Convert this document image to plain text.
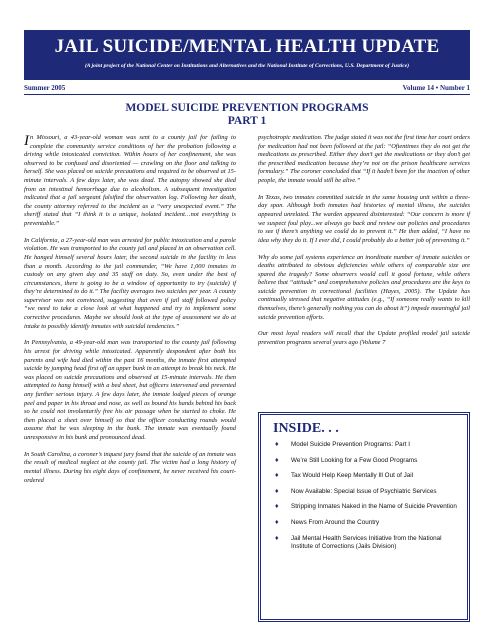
JAIL SUICIDE/MENTAL HEALTH UPDATE
(A joint project of the National Center on Institutions and Alternatives and the National Institute of Corrections, U.S. Department of Justice)
Summer 2005	Volume 14 • Number 1
MODEL SUICIDE PREVENTION PROGRAMS
PART 1

In Missouri, a 43-year-old woman was sent to a county jail for failing to complete the community service conditions of her the probation following a driving while intoxicated conviction. Within hours of her confinement, she was observed to be confused and disoriented — crawling on the floor and talking to herself. She was placed on suicide precautions and required to be observed at 15-minute intervals. A few days later, she was dead. The autopsy showed she died from an intestinal hemorrhage due to alcoholism. A subsequent investigation indicated that a jail sergeant falsified the observation log. Following her death, the county attorney referred to the incident as a “very unexpected event.” The sheriff stated that “I think it is a unique, isolated incident…not everything is preventable.”

In California, a 27-year-old man was arrested for public intoxication and a parole violation. He was transported to the county jail and placed in an observation cell. He hanged himself several hours later, the second suicide in the facility in less than a month. According to the jail commander, “We have 1,000 inmates in custody on any given day and 35 staff on duty. So, even under the best of circumstances, there is going to be a window of opportunity to try (suicide) if they’re determined to do it.” The facility averages two suicides per year. A county supervisor was not convinced, suggesting that even if jail staff followed policy “we need to take a close look at what happened and try to implement some corrective procedures. Maybe we should look at the type of assessment we do at intake to possibly identify inmates with suicidal tendencies.”

In Pennsylvania, a 49-year-old man was transported to the county jail following his arrest for driving while intoxicated. Apparently despondent after both his parents and wife had died within the past 16 months, the inmate first attempted suicide by jumping head first off an upper bunk in an attempt to break his neck. He was placed on suicide precautions and observed at 15-minute intervals. He then attempted to hang himself with a bed sheet, but officers intervened and prevented any further serious injury. A few days later, the inmate lodged pieces of orange peel and paper in his throat and nose, as well as bound his hands behind his back so he could not involuntarily free his air passage when he started to choke. He then placed a sheet over himself so that the officer conducting rounds would assume that he was sleeping in the bunk. The inmate was eventually found unresponsive in his bunk and pronounced dead.

In South Carolina, a coroner’s inquest jury found that the suicide of an inmate was the result of medical neglect at the county jail. The victim had a long history of mental illness. During his eight days of confinement, he never received his court-ordered

psychotropic medication. The judge stated it was not the first time her court orders for medication had not been followed at the jail: “Oftentimes they do not get the medications as prescribed. Either they don’t get the medications or they don’t get the prescribed medication because they’re not on the prison healthcare services formulary.” The coroner concluded that “If it hadn’t been for the inaction of other people, the inmate would still be alive.”

In Texas, two inmates committed suicide in the same housing unit within a three-day span. Although both inmates had histories of mental illness, the suicides appeared unrelated. The warden appeared disinterested: “Our concern is more if we suspect foul play...we always go back and review our policies and procedures to see if there’s anything we could do to prevent it.” He then added, “I have no idea why they do it. If I ever did, I could probably do a better job of preventing it.”

Why do some jail systems experience an inordinate number of inmate suicides or deaths attributed to obvious deficiencies while others of comparable size are spared the tragedy? Some observers would call it good fortune, while others believe that “attitude” and comprehensive policies and procedures are the keys to suicide prevention in correctional facilities (Hayes, 2005). The Update has continually stressed that negative attitudes (e.g., “If someone really wants to kill themselves, there’s generally nothing you can do about it”) impede meaningful jail suicide prevention efforts.

Our most loyal readers will recall that the Update profiled model jail suicide prevention programs several years ago (Volume 7

INSIDE. . .
♦ Model Suicide Prevention Programs: Part I
♦ We’re Still Looking for a Few Good Programs
♦ Tax Would Help Keep Mentally Ill Out of Jail
♦ Now Available: Special Issue of Psychiatric Services
♦ Stripping Inmates Naked in the Name of Suicide Prevention
♦ News From Around the Country
♦ Jail Mental Health Services Initiative from the National Institute of Corrections (Jails Division)
